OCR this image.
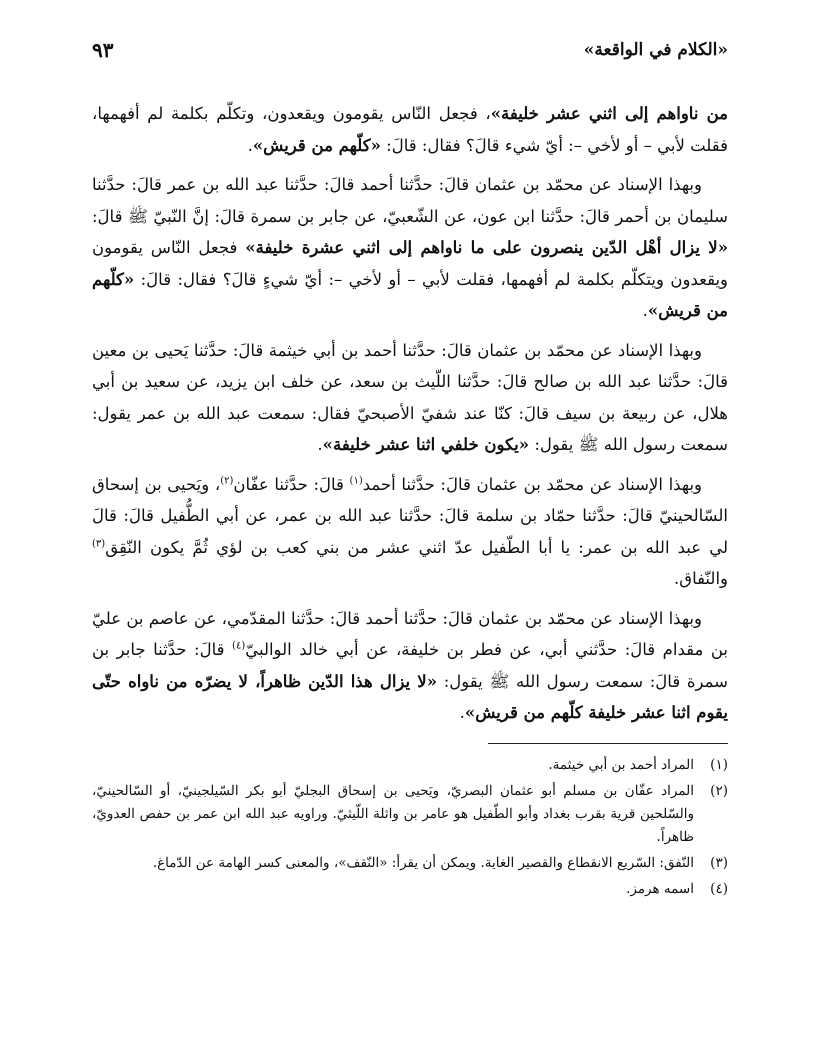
«الكلام في الواقعة»
٩٣

من ناواهم إلى اثني عشر خليفة»، فجعل النّاس يقومون ويقعدون، وتكلّم بكلمة لم أفهمها، فقلت لأبي – أو لأخي –: أيّ شيء قالَ؟ فقال: قالَ: «كلّهم من قريش».

وبهذا الإسناد عن محمّد بن عثمان قالَ: حدَّثنا أحمد قالَ: حدَّثنا عبد الله بن عمر قالَ: حدَّثنا سليمان بن أحمر قالَ: حدَّثنا ابن عون، عن الشّعبيّ، عن جابر بن سمرة قالَ: إنَّ النّبيّ ﷺ قالَ: «لا يزال أهْل الدّين ينصرون على ما ناواهم إلى اثني عشرة خليفة» فجعل النّاس يقومون ويقعدون ويتكلّم بكلمة لم أفهمها، فقلت لأبي – أو لأخي –: أيّ شيءٍ قالَ؟ فقال: قالَ: «كلّهم من قريش».

وبهذا الإسناد عن محمّد بن عثمان قالَ: حدَّثنا أحمد بن أبي خيثمة قالَ: حدَّثنا يَحيى بن معين قالَ: حدَّثنا عبد الله بن صالح قالَ: حدَّثنا اللّيث بن سعد، عن خلف ابن يزيد، عن سعيد بن أبي هلال، عن ربيعة بن سيف قالَ: كنّا عند شفيّ الأصبحيّ فقال: سمعت عبد الله بن عمر يقول: سمعت رسول الله ﷺ يقول: «يكون خلفي اثنا عشر خليفة».

وبهذا الإسناد عن محمّد بن عثمان قالَ: حدَّثنا أحمد$^{(١)}$ قالَ: حدَّثنا عفّان$^{(٢)}$، ويَحيى بن إسحاق السّالحينيّ قالَ: حدَّثنا حمّاد بن سلمة قالَ: حدَّثنا عبد الله بن عمر، عن أبي الطُّفيل قالَ: قالَ لي عبد الله بن عمر: يا أبا الطّفيل عدّ اثني عشر من بني كعب بن لؤي ثُمَّ يكون النّقِق$^{(٣)}$ والنّفاق.

وبهذا الإسناد عن محمّد بن عثمان قالَ: حدَّثنا أحمد قالَ: حدَّثنا المقدّمي، عن عاصم بن عليّ بن مقدام قالَ: حدَّثني أبي، عن فطر بن خليفة، عن أبي خالد الوالبيّ$^{(٤)}$ قالَ: حدَّثنا جابر بن سمرة قالَ: سمعت رسول الله ﷺ يقول: «لا يزال هذا الدّين ظاهراً، لا يضرّه من ناواه حتّى يقوم اثنا عشر خليفة كلّهم من قريش».

(١)
المراد أحمد بن أبي خيثمة.
(٢)
المراد عفّان بن مسلم أبو عثمان البصريّ، ويَحيى بن إسحاق البجليّ أبو بكر السّيلجينيّ، أو السّالحينيّ، والسّلحين قرية بقرب بغداد وأبو الطّفيل هو عامر بن واثلة اللّيثيّ. وراويه عبد الله ابن عمر بن حفص العدويّ، ظاهراً.
(٣)
النّفق: السّريع الانقطاع والقصير الغاية. ويمكن أن يقرأ: «النّقف»، والمعنى كسر الهامة عن الدّماغ.
(٤)
اسمه هرمز.
